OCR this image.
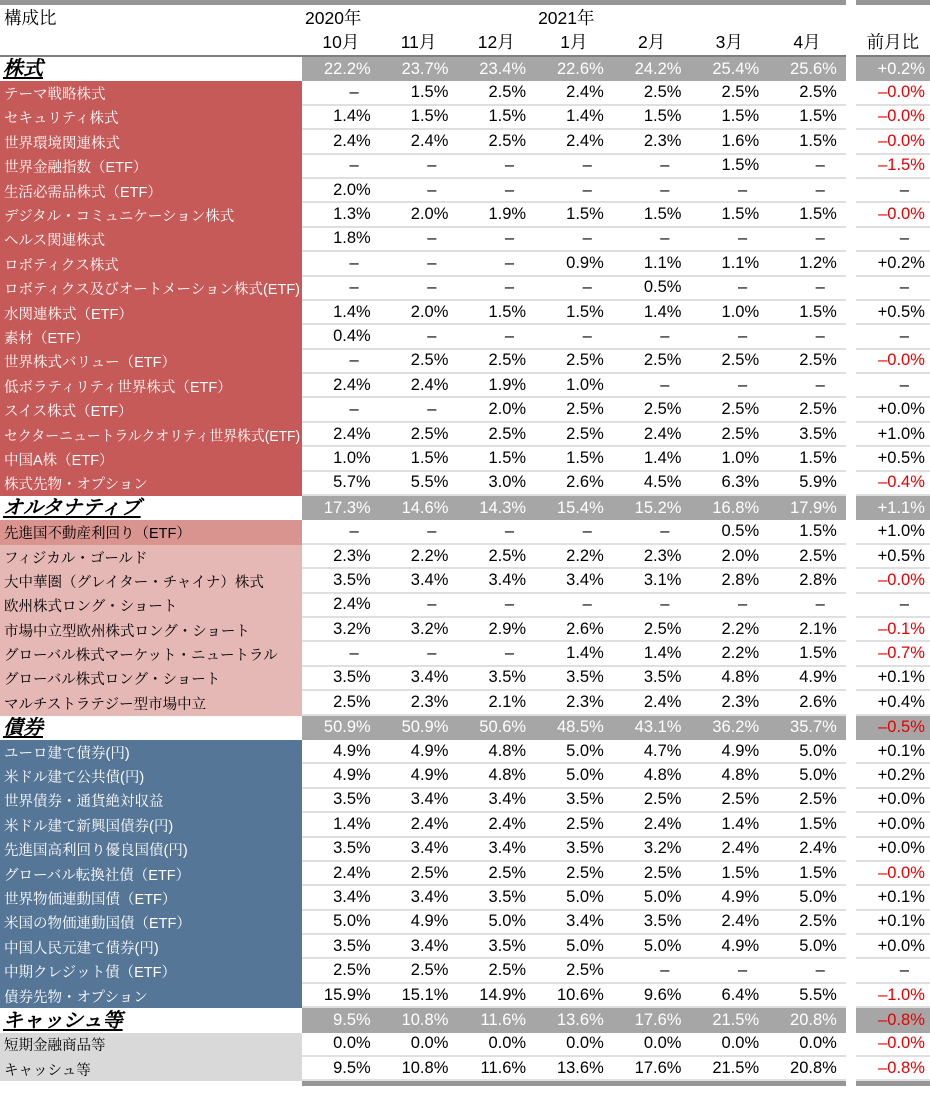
構成比	2020年	2021年
10月	11月	12月	1月	2月	3月	4月	前月比
株式	22.2%	23.7%	23.4%	22.6%	24.2%	25.4%	25.6%	+0.2%
テーマ戦略株式	–	1.5%	2.5%	2.4%	2.5%	2.5%	2.5%	–0.0%
セキュリティ株式	1.4%	1.5%	1.5%	1.4%	1.5%	1.5%	1.5%	–0.0%
世界環境関連株式	2.4%	2.4%	2.5%	2.4%	2.3%	1.6%	1.5%	–0.0%
世界金融指数（ETF）	–	–	–	–	–	1.5%	–	–1.5%
生活必需品株式（ETF）	2.0%	–	–	–	–	–	–	–
デジタル・コミュニケーション株式	1.3%	2.0%	1.9%	1.5%	1.5%	1.5%	1.5%	–0.0%
ヘルス関連株式	1.8%	–	–	–	–	–	–	–
ロボティクス株式	–	–	–	0.9%	1.1%	1.1%	1.2%	+0.2%
ロボティクス及びオートメーション株式(ETF)	–	–	–	–	0.5%	–	–	–
水関連株式（ETF）	1.4%	2.0%	1.5%	1.5%	1.4%	1.0%	1.5%	+0.5%
素材（ETF）	0.4%	–	–	–	–	–	–	–
世界株式バリュー（ETF）	–	2.5%	2.5%	2.5%	2.5%	2.5%	2.5%	–0.0%
低ボラティリティ世界株式（ETF）	2.4%	2.4%	1.9%	1.0%	–	–	–	–
スイス株式（ETF）	–	–	2.0%	2.5%	2.5%	2.5%	2.5%	+0.0%
セクターニュートラルクオリティ世界株式(ETF)	2.4%	2.5%	2.5%	2.5%	2.4%	2.5%	3.5%	+1.0%
中国A株（ETF）	1.0%	1.5%	1.5%	1.5%	1.4%	1.0%	1.5%	+0.5%
株式先物・オプション	5.7%	5.5%	3.0%	2.6%	4.5%	6.3%	5.9%	–0.4%
オルタナティブ	17.3%	14.6%	14.3%	15.4%	15.2%	16.8%	17.9%	+1.1%
先進国不動産利回り（ETF）	–	–	–	–	–	0.5%	1.5%	+1.0%
フィジカル・ゴールド	2.3%	2.2%	2.5%	2.2%	2.3%	2.0%	2.5%	+0.5%
大中華圏（グレイター・チャイナ）株式	3.5%	3.4%	3.4%	3.4%	3.1%	2.8%	2.8%	–0.0%
欧州株式ロング・ショート	2.4%	–	–	–	–	–	–	–
市場中立型欧州株式ロング・ショート	3.2%	3.2%	2.9%	2.6%	2.5%	2.2%	2.1%	–0.1%
グローバル株式マーケット・ニュートラル	–	–	–	1.4%	1.4%	2.2%	1.5%	–0.7%
グローバル株式ロング・ショート	3.5%	3.4%	3.5%	3.5%	3.5%	4.8%	4.9%	+0.1%
マルチストラテジー型市場中立	2.5%	2.3%	2.1%	2.3%	2.4%	2.3%	2.6%	+0.4%
債券	50.9%	50.9%	50.6%	48.5%	43.1%	36.2%	35.7%	–0.5%
ユーロ建て債券(円)	4.9%	4.9%	4.8%	5.0%	4.7%	4.9%	5.0%	+0.1%
米ドル建て公共債(円)	4.9%	4.9%	4.8%	5.0%	4.8%	4.8%	5.0%	+0.2%
世界債券・通貨絶対収益	3.5%	3.4%	3.4%	3.5%	2.5%	2.5%	2.5%	+0.0%
米ドル建て新興国債券(円)	1.4%	2.4%	2.4%	2.5%	2.4%	1.4%	1.5%	+0.0%
先進国高利回り優良国債(円)	3.5%	3.4%	3.4%	3.5%	3.2%	2.4%	2.4%	+0.0%
グローバル転換社債（ETF）	2.4%	2.5%	2.5%	2.5%	2.5%	1.5%	1.5%	–0.0%
世界物価連動国債（ETF）	3.4%	3.4%	3.5%	5.0%	5.0%	4.9%	5.0%	+0.1%
米国の物価連動国債（ETF）	5.0%	4.9%	5.0%	3.4%	3.5%	2.4%	2.5%	+0.1%
中国人民元建て債券(円)	3.5%	3.4%	3.5%	5.0%	5.0%	4.9%	5.0%	+0.0%
中期クレジット債（ETF）	2.5%	2.5%	2.5%	2.5%	–	–	–	–
債券先物・オプション	15.9%	15.1%	14.9%	10.6%	9.6%	6.4%	5.5%	–1.0%
キャッシュ等	9.5%	10.8%	11.6%	13.6%	17.6%	21.5%	20.8%	–0.8%
短期金融商品等	0.0%	0.0%	0.0%	0.0%	0.0%	0.0%	0.0%	–0.0%
キャッシュ等	9.5%	10.8%	11.6%	13.6%	17.6%	21.5%	20.8%	–0.8%
